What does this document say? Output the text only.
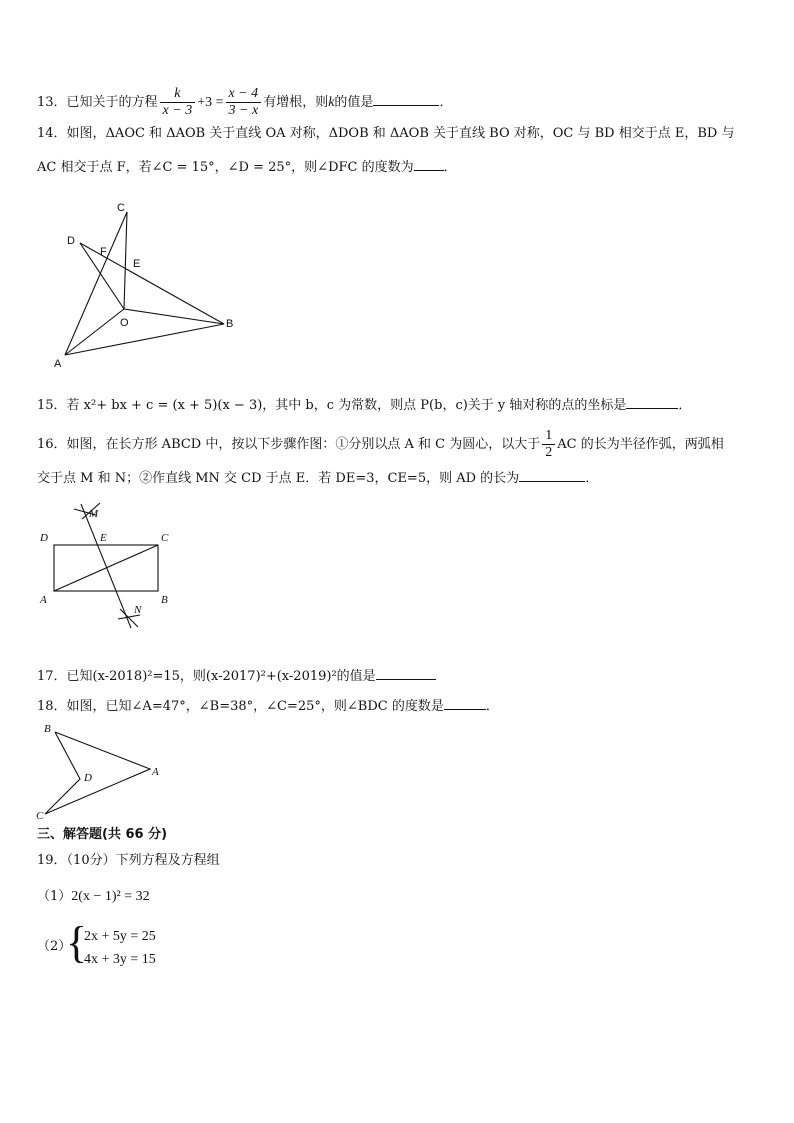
13．已知关于的方程 $\frac{k}{x - 3} +3 = \frac{x - 4}{3 - x}$ 有增根，则k的值是	．
14．如图，ΔAOC 和 ΔAOB 关于直线 OA 对称，ΔDOB 和 ΔAOB 关于直线 BO 对称，OC 与 BD 相交于点 E，BD 与
AC 相交于点 F，若∠C = 15°，∠D = 25°，则∠DFC 的度数为 ．
C
D
F
E
O	B
A
15．若 x²+ bx + c = (x + 5)(x − 3)，其中 b，c 为常数，则点 P(b，c)关于 y 轴对称的点的坐标是	．
16．如图，在长方形 ABCD 中，按以下步骤作图：①分别以点 A 和 C 为圆心，以大于 $\frac{1}{2}$ AC 的长为半径作弧，两弧相
交于点 M 和 N；②作直线 MN 交 CD 于点 E．若 DE=3，CE=5，则 AD 的长为	．
M
D	E	C
A	B
N
17．已知(x-2018)²=15，则(x-2017)²+(x-2019)²的值是
18．如图，已知∠A=47°，∠B=38°，∠C=25°，则∠BDC 的度数是	．
B
D	A
C
三、解答题(共 66 分)
19．（10分）下列方程及方程组
（1）2(x − 1)² = 32
（2）
{
2x + 5y = 25
4x + 3y = 15
